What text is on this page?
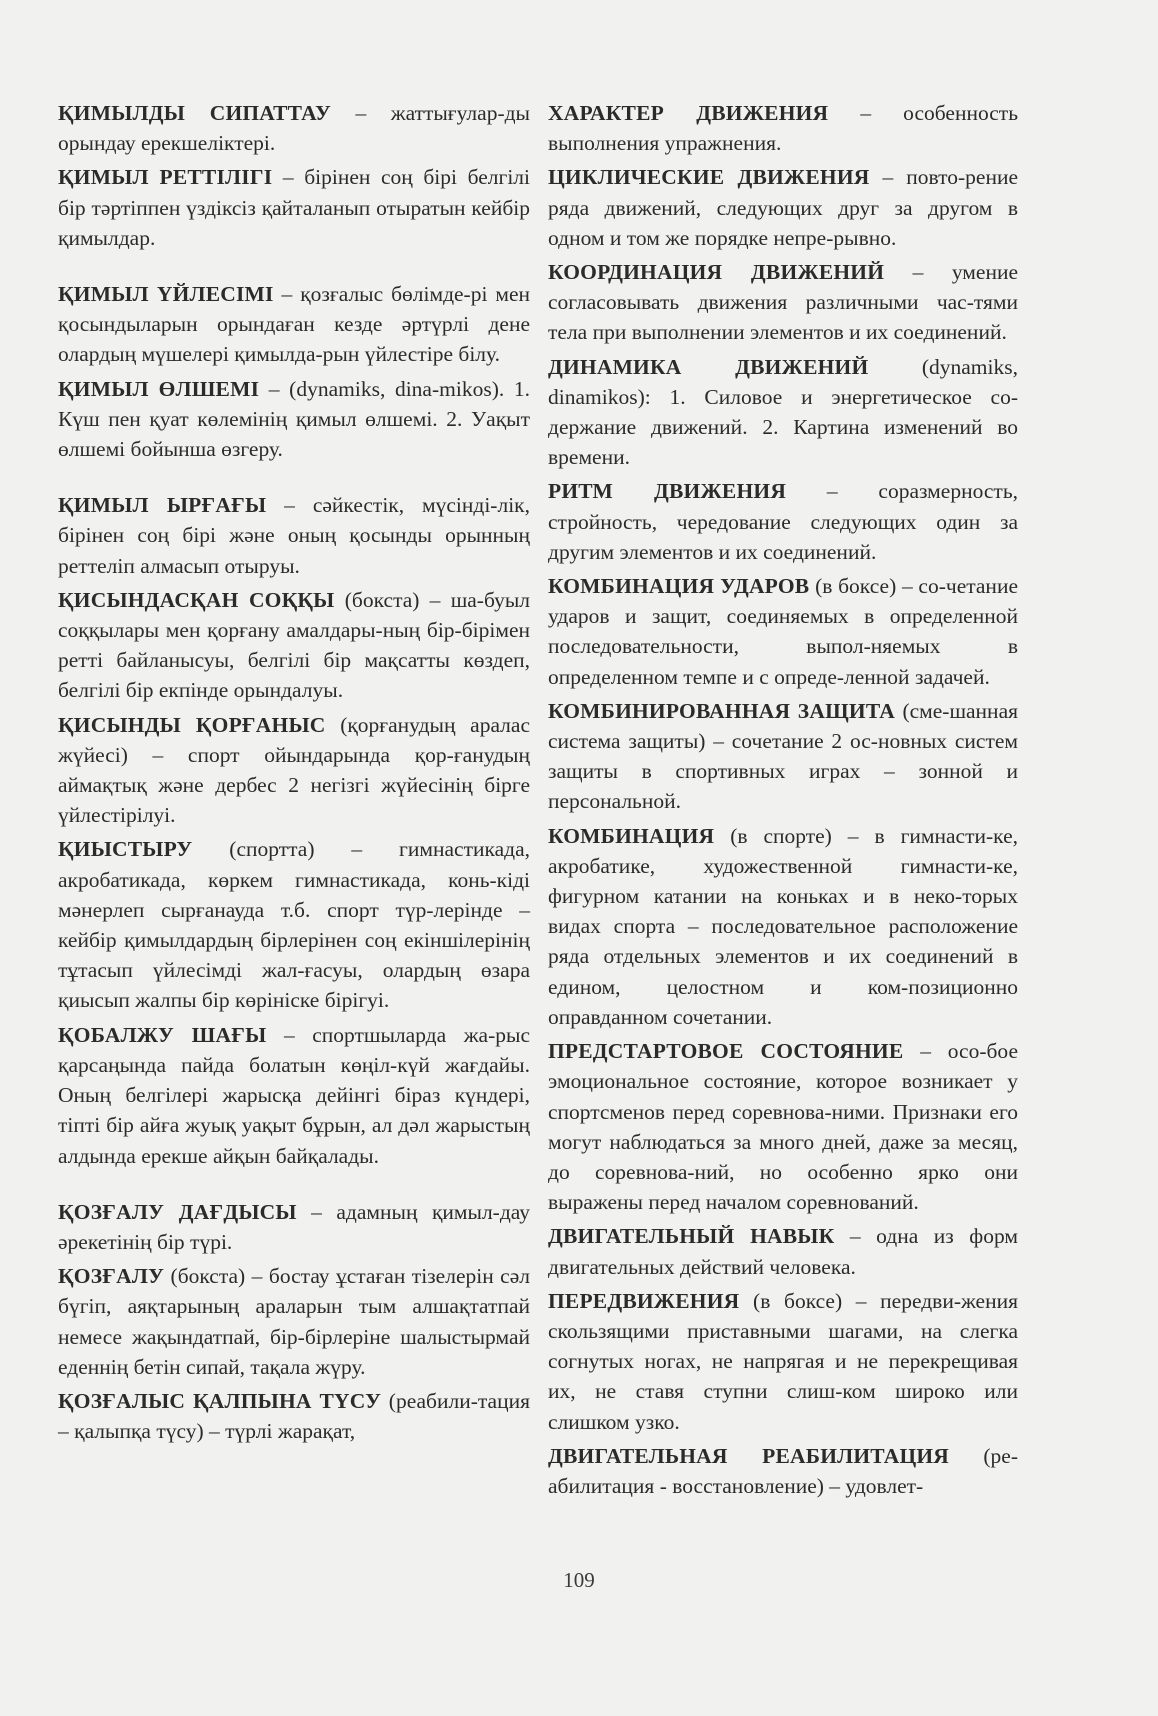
ҚИМЫЛДЫ СИПАТТАУ – жаттығулар-ды орындау ерекшеліктері.

ҚИМЫЛ РЕТТІЛІГІ – бірінен соң бірі белгілі бір тәртіппен үздіксіз қайталанып отыратын кейбір қимылдар.

ҚИМЫЛ ҮЙЛЕСІМІ – қозғалыс бөлімде-рі мен қосындыларын орындаған кезде әртүрлі дене олардың мүшелері қимылда-рын үйлестіре білу.

ҚИМЫЛ ӨЛШЕМІ – (dynamiks, dina-mikos). 1. Күш пен қуат көлемінің қимыл өлшемі. 2. Уақыт өлшемі бойынша өзгеру.

ҚИМЫЛ ЫРҒАҒЫ – сәйкестік, мүсінді-лік, бірінен соң бірі және оның қосынды орынның реттеліп алмасып отыруы.

ҚИСЫНДАСҚАН СОҚҚЫ (бокста) – ша-буыл соққылары мен қорғану амалдары-ның бір-бірімен ретті байланысуы, белгілі бір мақсатты көздеп, белгілі бір екпінде орындалуы.

ҚИСЫНДЫ ҚОРҒАНЫС (қорғанудың аралас жүйесі) – спорт ойындарында қор-ғанудың аймақтық және дербес 2 негізгі жүйесінің бірге үйлестірілуі.

ҚИЫСТЫРУ (спортта) – гимнастикада, акробатикада, көркем гимнастикада, конь-кіді мәнерлеп сырғанауда т.б. спорт түр-лерінде – кейбір қимылдардың бірлерінен соң екіншілерінің тұтасып үйлесімді жал-ғасуы, олардың өзара қиысып жалпы бір көрініске бірігуі.

ҚОБАЛЖУ ШАҒЫ – спортшыларда жа-рыс қарсаңында пайда болатын көңіл-күй жағдайы. Оның белгілері жарысқа дейінгі біраз күндері, тіпті бір айға жуық уақыт бұрын, ал дәл жарыстың алдында ерекше айқын байқалады.

ҚОЗҒАЛУ ДАҒДЫСЫ – адамның қимыл-дау әрекетінің бір түрі.

ҚОЗҒАЛУ (бокста) – бостау ұстаған тізелерін сәл бүгіп, аяқтарының араларын тым алшақтатпай немесе жақындатпай, бір-бірлеріне шалыстырмай еденнің бетін сипай, тақала жүру.

ҚОЗҒАЛЫС ҚАЛПЫНА ТҮСУ (реабили-тация – қалыпқа түсу) – түрлі жарақат,

ХАРАКТЕР ДВИЖЕНИЯ – особенность выполнения упражнения.

ЦИКЛИЧЕСКИЕ ДВИЖЕНИЯ – повто-рение ряда движений, следующих друг за другом в одном и том же порядке непре-рывно.

КООРДИНАЦИЯ ДВИЖЕНИЙ – умение согласовывать движения различными час-тями тела при выполнении элементов и их соединений.

ДИНАМИКА ДВИЖЕНИЙ (dynamiks, dinamikos): 1. Силовое и энергетическое со-держание движений. 2. Картина изменений во времени.

РИТМ ДВИЖЕНИЯ – соразмерность, стройность, чередование следующих один за другим элементов и их соединений.

КОМБИНАЦИЯ УДАРОВ (в боксе) – со-четание ударов и защит, соединяемых в определенной последовательности, выпол-няемых в определенном темпе и с опреде-ленной задачей.

КОМБИНИРОВАННАЯ ЗАЩИТА (сме-шанная система защиты) – сочетание 2 ос-новных систем защиты в спортивных играх – зонной и персональной.

КОМБИНАЦИЯ (в спорте) – в гимнасти-ке, акробатике, художественной гимнасти-ке, фигурном катании на коньках и в неко-торых видах спорта – последовательное расположение ряда отдельных элементов и их соединений в едином, целостном и ком-позиционно оправданном сочетании.

ПРЕДСТАРТОВОЕ СОСТОЯНИЕ – осо-бое эмоциональное состояние, которое возникает у спортсменов перед соревнова-ними. Признаки его могут наблюдаться за много дней, даже за месяц, до соревнова-ний, но особенно ярко они выражены перед началом соревнований.

ДВИГАТЕЛЬНЫЙ НАВЫК – одна из форм двигательных действий человека.

ПЕРЕДВИЖЕНИЯ (в боксе) – передви-жения скользящими приставными шагами, на слегка согнутых ногах, не напрягая и не перекрещивая их, не ставя ступни слиш-ком широко или слишком узко.

ДВИГАТЕЛЬНАЯ РЕАБИЛИТАЦИЯ (ре-абилитация - восстановление) – удовлет-

109
